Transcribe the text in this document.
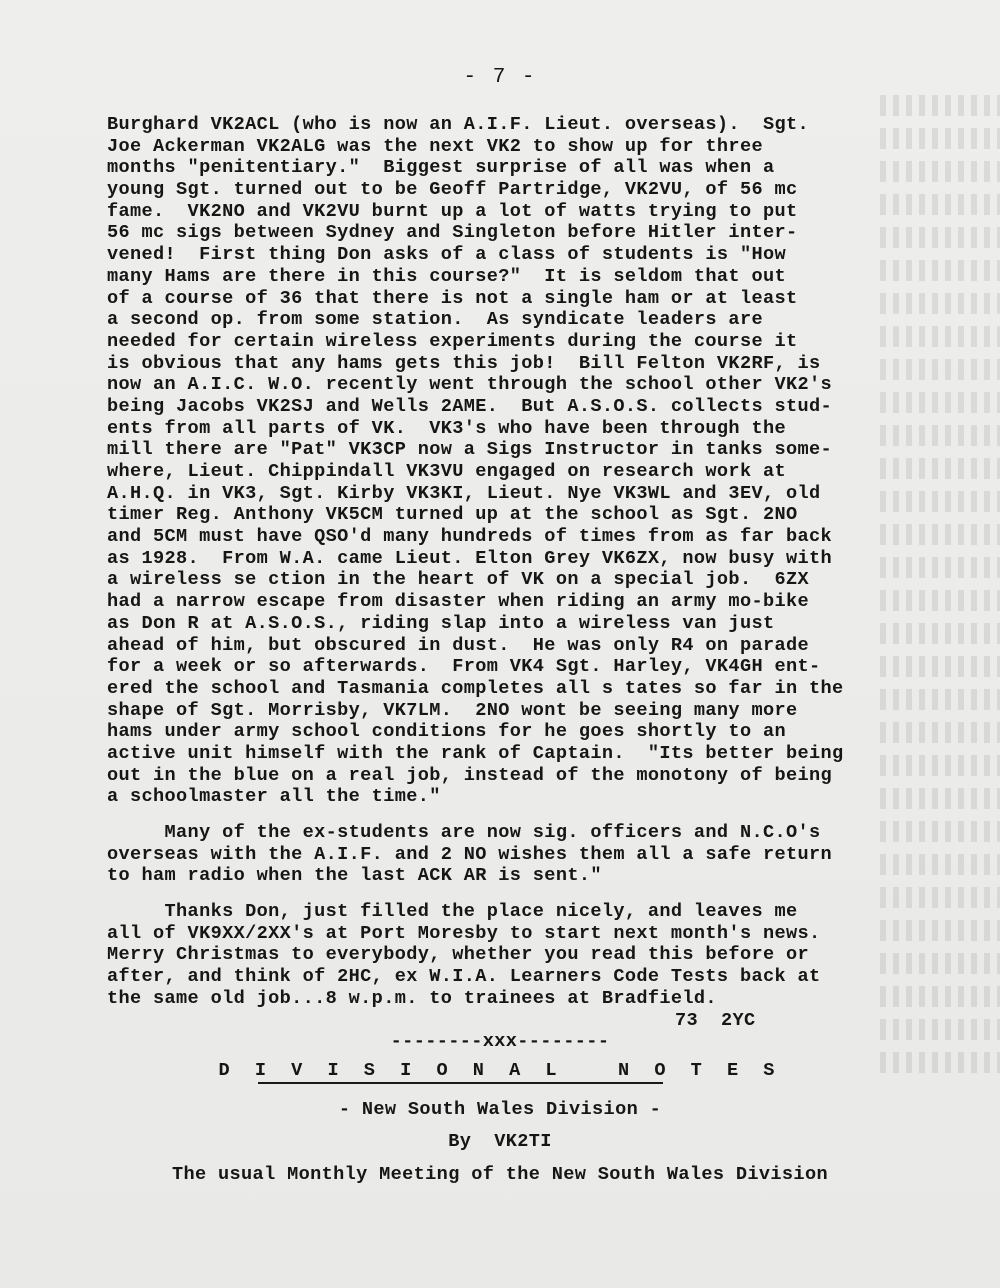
- 7 -
Burghard VK2ACL (who is now an A.I.F. Lieut. overseas).  Sgt.
Joe Ackerman VK2ALG was the next VK2 to show up for three
months "penitentiary."  Biggest surprise of all was when a
young Sgt. turned out to be Geoff Partridge, VK2VU, of 56 mc
fame.  VK2NO and VK2VU burnt up a lot of watts trying to put
56 mc sigs between Sydney and Singleton before Hitler inter-
vened!  First thing Don asks of a class of students is "How
many Hams are there in this course?"  It is seldom that out
of a course of 36 that there is not a single ham or at least
a second op. from some station.  As syndicate leaders are
needed for certain wireless experiments during the course it
is obvious that any hams gets this job!  Bill Felton VK2RF, is
now an A.I.C. W.O. recently went through the school other VK2's
being Jacobs VK2SJ and Wells 2AME.  But A.S.O.S. collects stud-
ents from all parts of VK.  VK3's who have been through the
mill there are "Pat" VK3CP now a Sigs Instructor in tanks some-
where, Lieut. Chippindall VK3VU engaged on research work at
A.H.Q. in VK3, Sgt. Kirby VK3KI, Lieut. Nye VK3WL and 3EV, old
timer Reg. Anthony VK5CM turned up at the school as Sgt. 2NO
and 5CM must have QSO'd many hundreds of times from as far back
as 1928.  From W.A. came Lieut. Elton Grey VK6ZX, now busy with
a wireless se ction in the heart of VK on a special job.  6ZX
had a narrow escape from disaster when riding an army mo-bike
as Don R at A.S.O.S., riding slap into a wireless van just
ahead of him, but obscured in dust.  He was only R4 on parade
for a week or so afterwards.  From VK4 Sgt. Harley, VK4GH ent-
ered the school and Tasmania completes all s tates so far in the
shape of Sgt. Morrisby, VK7LM.  2NO wont be seeing many more
hams under army school conditions for he goes shortly to an
active unit himself with the rank of Captain.  "Its better being
out in the blue on a real job, instead of the monotony of being
a schoolmaster all the time."
Many of the ex-students are now sig. officers and N.C.O's
overseas with the A.I.F. and 2 NO wishes them all a safe return
to ham radio when the last ACK AR is sent."
Thanks Don, just filled the place nicely, and leaves me
all of VK9XX/2XX's at Port Moresby to start next month's news.
Merry Christmas to everybody, whether you read this before or
after, and think of 2HC, ex W.I.A. Learners Code Tests back at
the same old job...8 w.p.m. to trainees at Bradfield.
73  2YC
--------xxx--------
D I V I S I O N A L   N O T E S
- New South Wales Division -
By  VK2TI
The usual Monthly Meeting of the New South Wales Division
